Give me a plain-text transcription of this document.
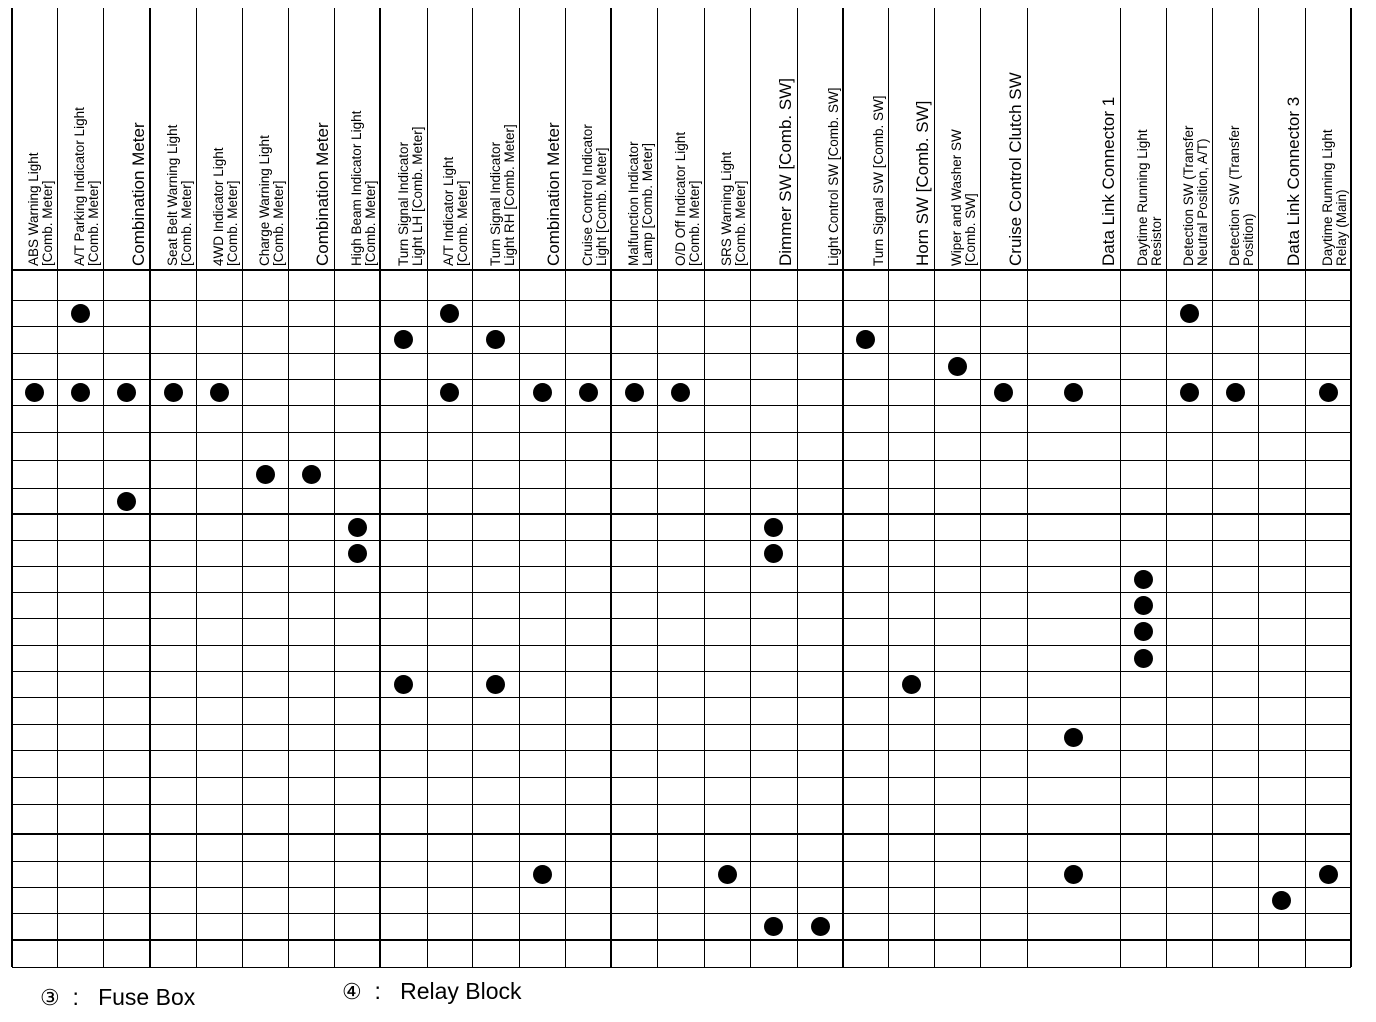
ABS Warning Light [Comb. Meter] A/T Parking Indicator Light [Comb. Meter] Combination Meter Seat Belt Warning Light [Comb. Meter] 4WD Indicator Light [Comb. Meter] Charge Warning Light [Comb. Meter] Combination Meter High Beam Indicator Light [Comb. Meter] Turn Signal Indicator Light LH [Comb. Meter] A/T Indicator Light [Comb. Meter] Turn Signal Indicator Light RH [Comb. Meter] Combination Meter Cruise Control Indicator Light [Comb. Meter] Malfunction Indicator Lamp [Comb. Meter] O/D Off Indicator Light [Comb. Meter] SRS Warning Light [Comb. Meter] Dimmer SW [Comb. SW] Light Control SW [Comb. SW] Turn Signal SW [Comb. SW] Horn SW [Comb. SW] Wiper and Washer SW [Comb. SW] Cruise Control Clutch SW	Data Link Connector 1 Daytime Running Light Resistor Detection SW (Transfer Neutral Position, A/T) Detection SW (Transfer Position) Data Link Connector 3 Daytime Running Light Relay (Main)
③ : Fuse Box	④ : Relay Block
